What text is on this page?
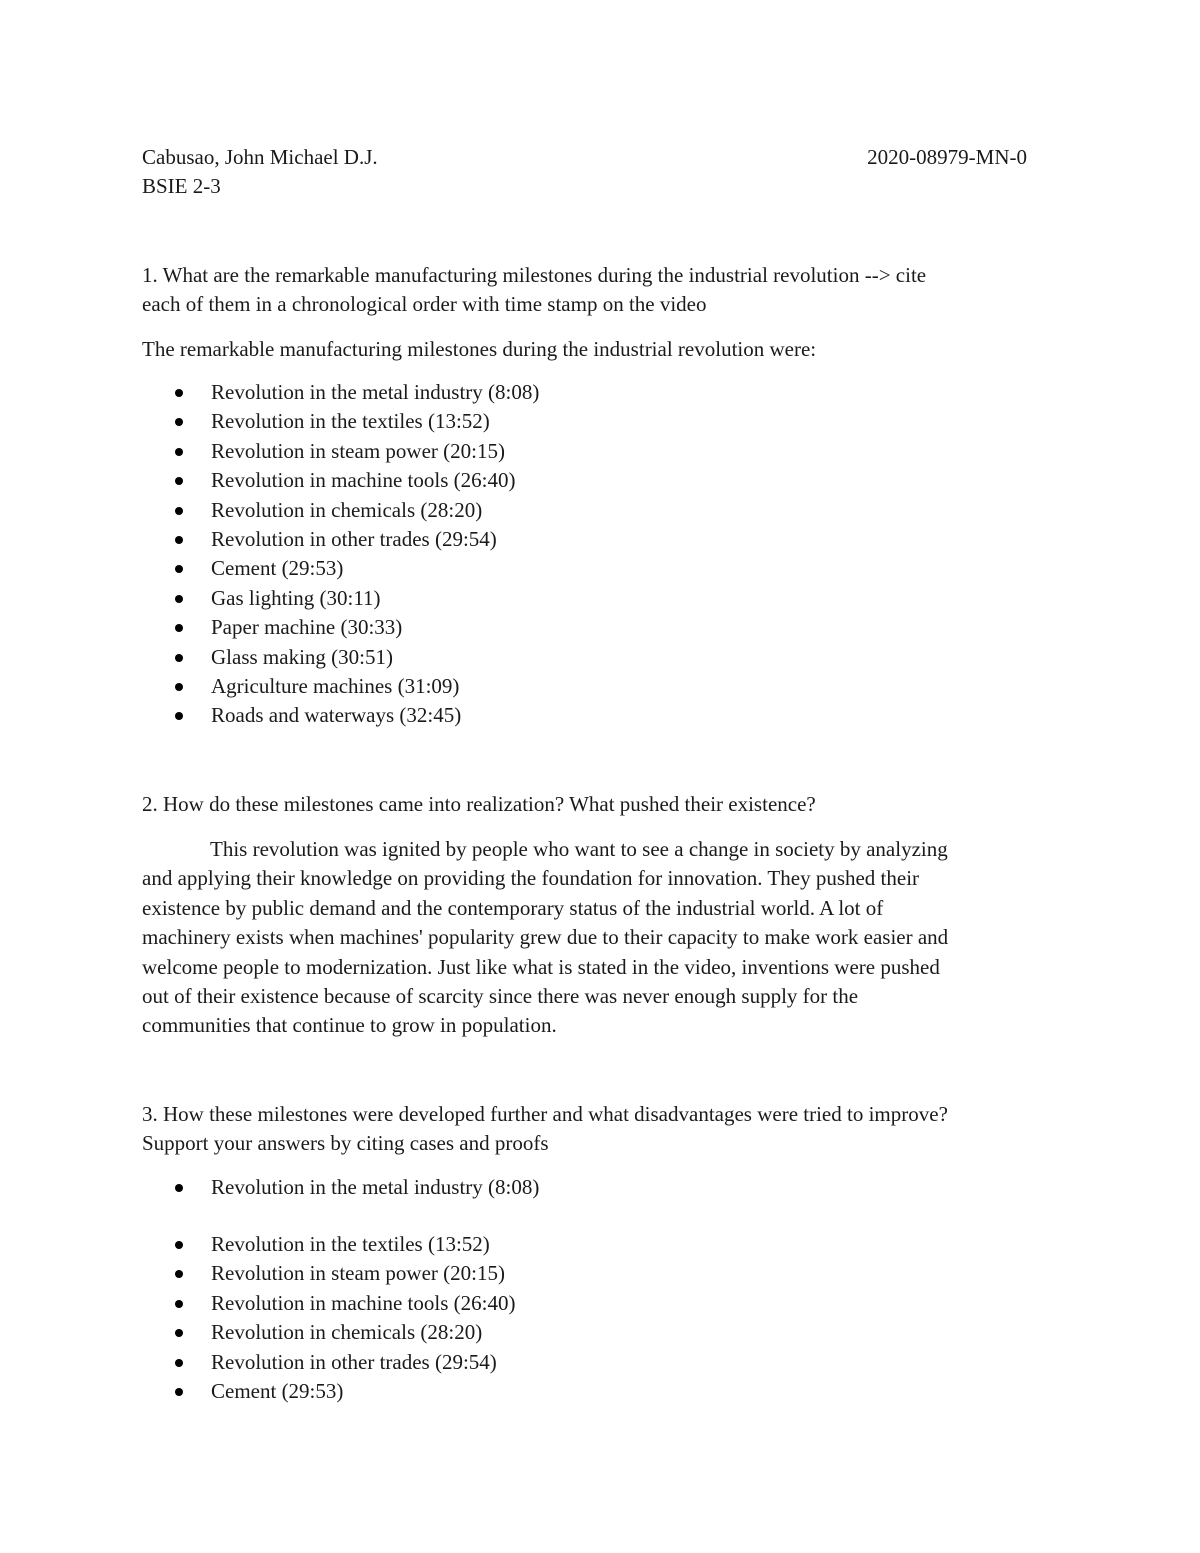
Cabusao, John Michael D.J.	2020-08979-MN-0
BSIE 2-3
1. What are the remarkable manufacturing milestones during the industrial revolution --> cite
each of them in a chronological order with time stamp on the video
The remarkable manufacturing milestones during the industrial revolution were:
Revolution in the metal industry (8:08)
Revolution in the textiles (13:52)
Revolution in steam power (20:15)
Revolution in machine tools (26:40)
Revolution in chemicals (28:20)
Revolution in other trades (29:54)
Cement (29:53)
Gas lighting (30:11)
Paper machine (30:33)
Glass making (30:51)
Agriculture machines (31:09)
Roads and waterways (32:45)
2. How do these milestones came into realization? What pushed their existence?
This revolution was ignited by people who want to see a change in society by analyzing
and applying their knowledge on providing the foundation for innovation. They pushed their
existence by public demand and the contemporary status of the industrial world. A lot of
machinery exists when machines' popularity grew due to their capacity to make work easier and
welcome people to modernization. Just like what is stated in the video, inventions were pushed
out of their existence because of scarcity since there was never enough supply for the
communities that continue to grow in population.
3. How these milestones were developed further and what disadvantages were tried to improve?
Support your answers by citing cases and proofs
Revolution in the metal industry (8:08)
Revolution in the textiles (13:52)
Revolution in steam power (20:15)
Revolution in machine tools (26:40)
Revolution in chemicals (28:20)
Revolution in other trades (29:54)
Cement (29:53)
